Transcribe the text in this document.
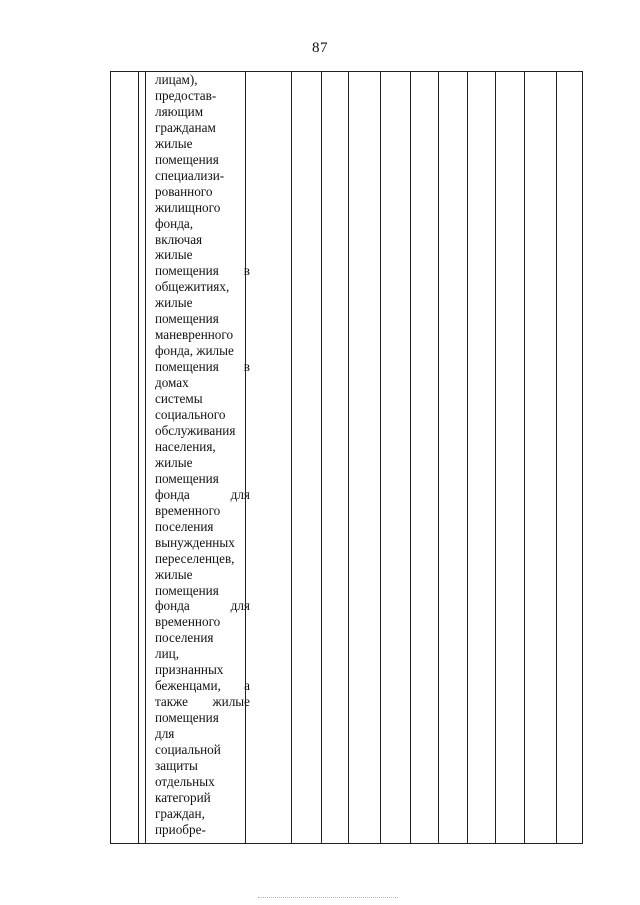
87
лицам),
предостав-
ляющим
гражданам
жилые
помещения
специализи-
рованного
жилищного
фонда,
включая
жилые
помещения в
общежитиях,
жилые
помещения
маневренного
фонда, жилые
помещения в
домах
системы
социального
обслуживания
населения,
жилые
помещения
фонда	для
временного
поселения
вынужденных
переселенцев,
жилые
помещения
фонда	для
временного
поселения
лиц,
признанных
беженцами, а
также жилые
помещения
для
социальной
защиты
отдельных
категорий
граждан,
приобре-
